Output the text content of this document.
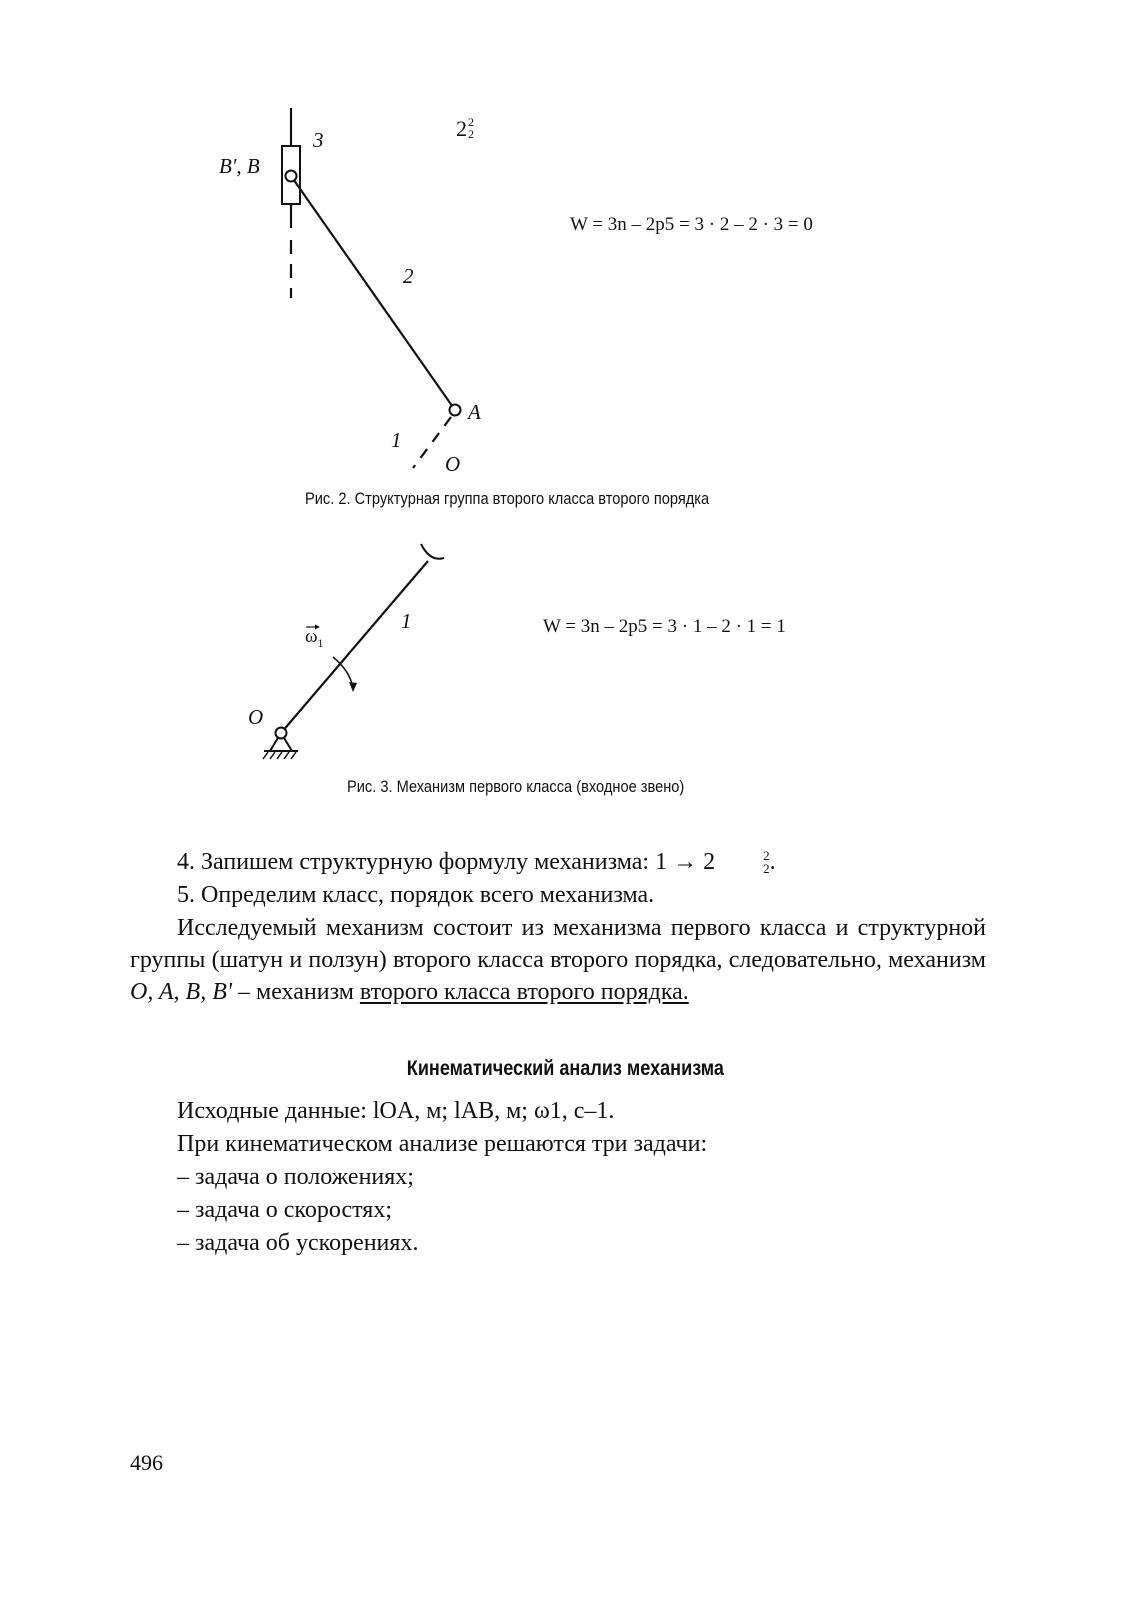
3
B′, B
2
A
1
O
2 2
2
W = 3n – 2p5 = 3 · 2 – 2 · 3 = 0
Рис. 2. Структурная группа второго класса второго порядка
$\omega_1$
1
O
W = 3n – 2p5 = 3 · 1 – 2 · 1 = 1
Рис. 3. Механизм первого класса (входное звено)
4. Запишем структурную формулу механизма: 1 → 2	2
2 .
5. Определим класс, порядок всего механизма.
Исследуемый механизм состоит из механизма первого класса и структурной группы (шатун и ползун) второго класса второго порядка, следовательно, механизм O, A, B, B' – механизм второго класса второго порядка.
Кинематический анализ механизма
Исходные данные: lOA, м; lAB, м; ω1, с–1.
При кинематическом анализе решаются три задачи:
– задача о положениях;
– задача о скоростях;
– задача об ускорениях.
496
